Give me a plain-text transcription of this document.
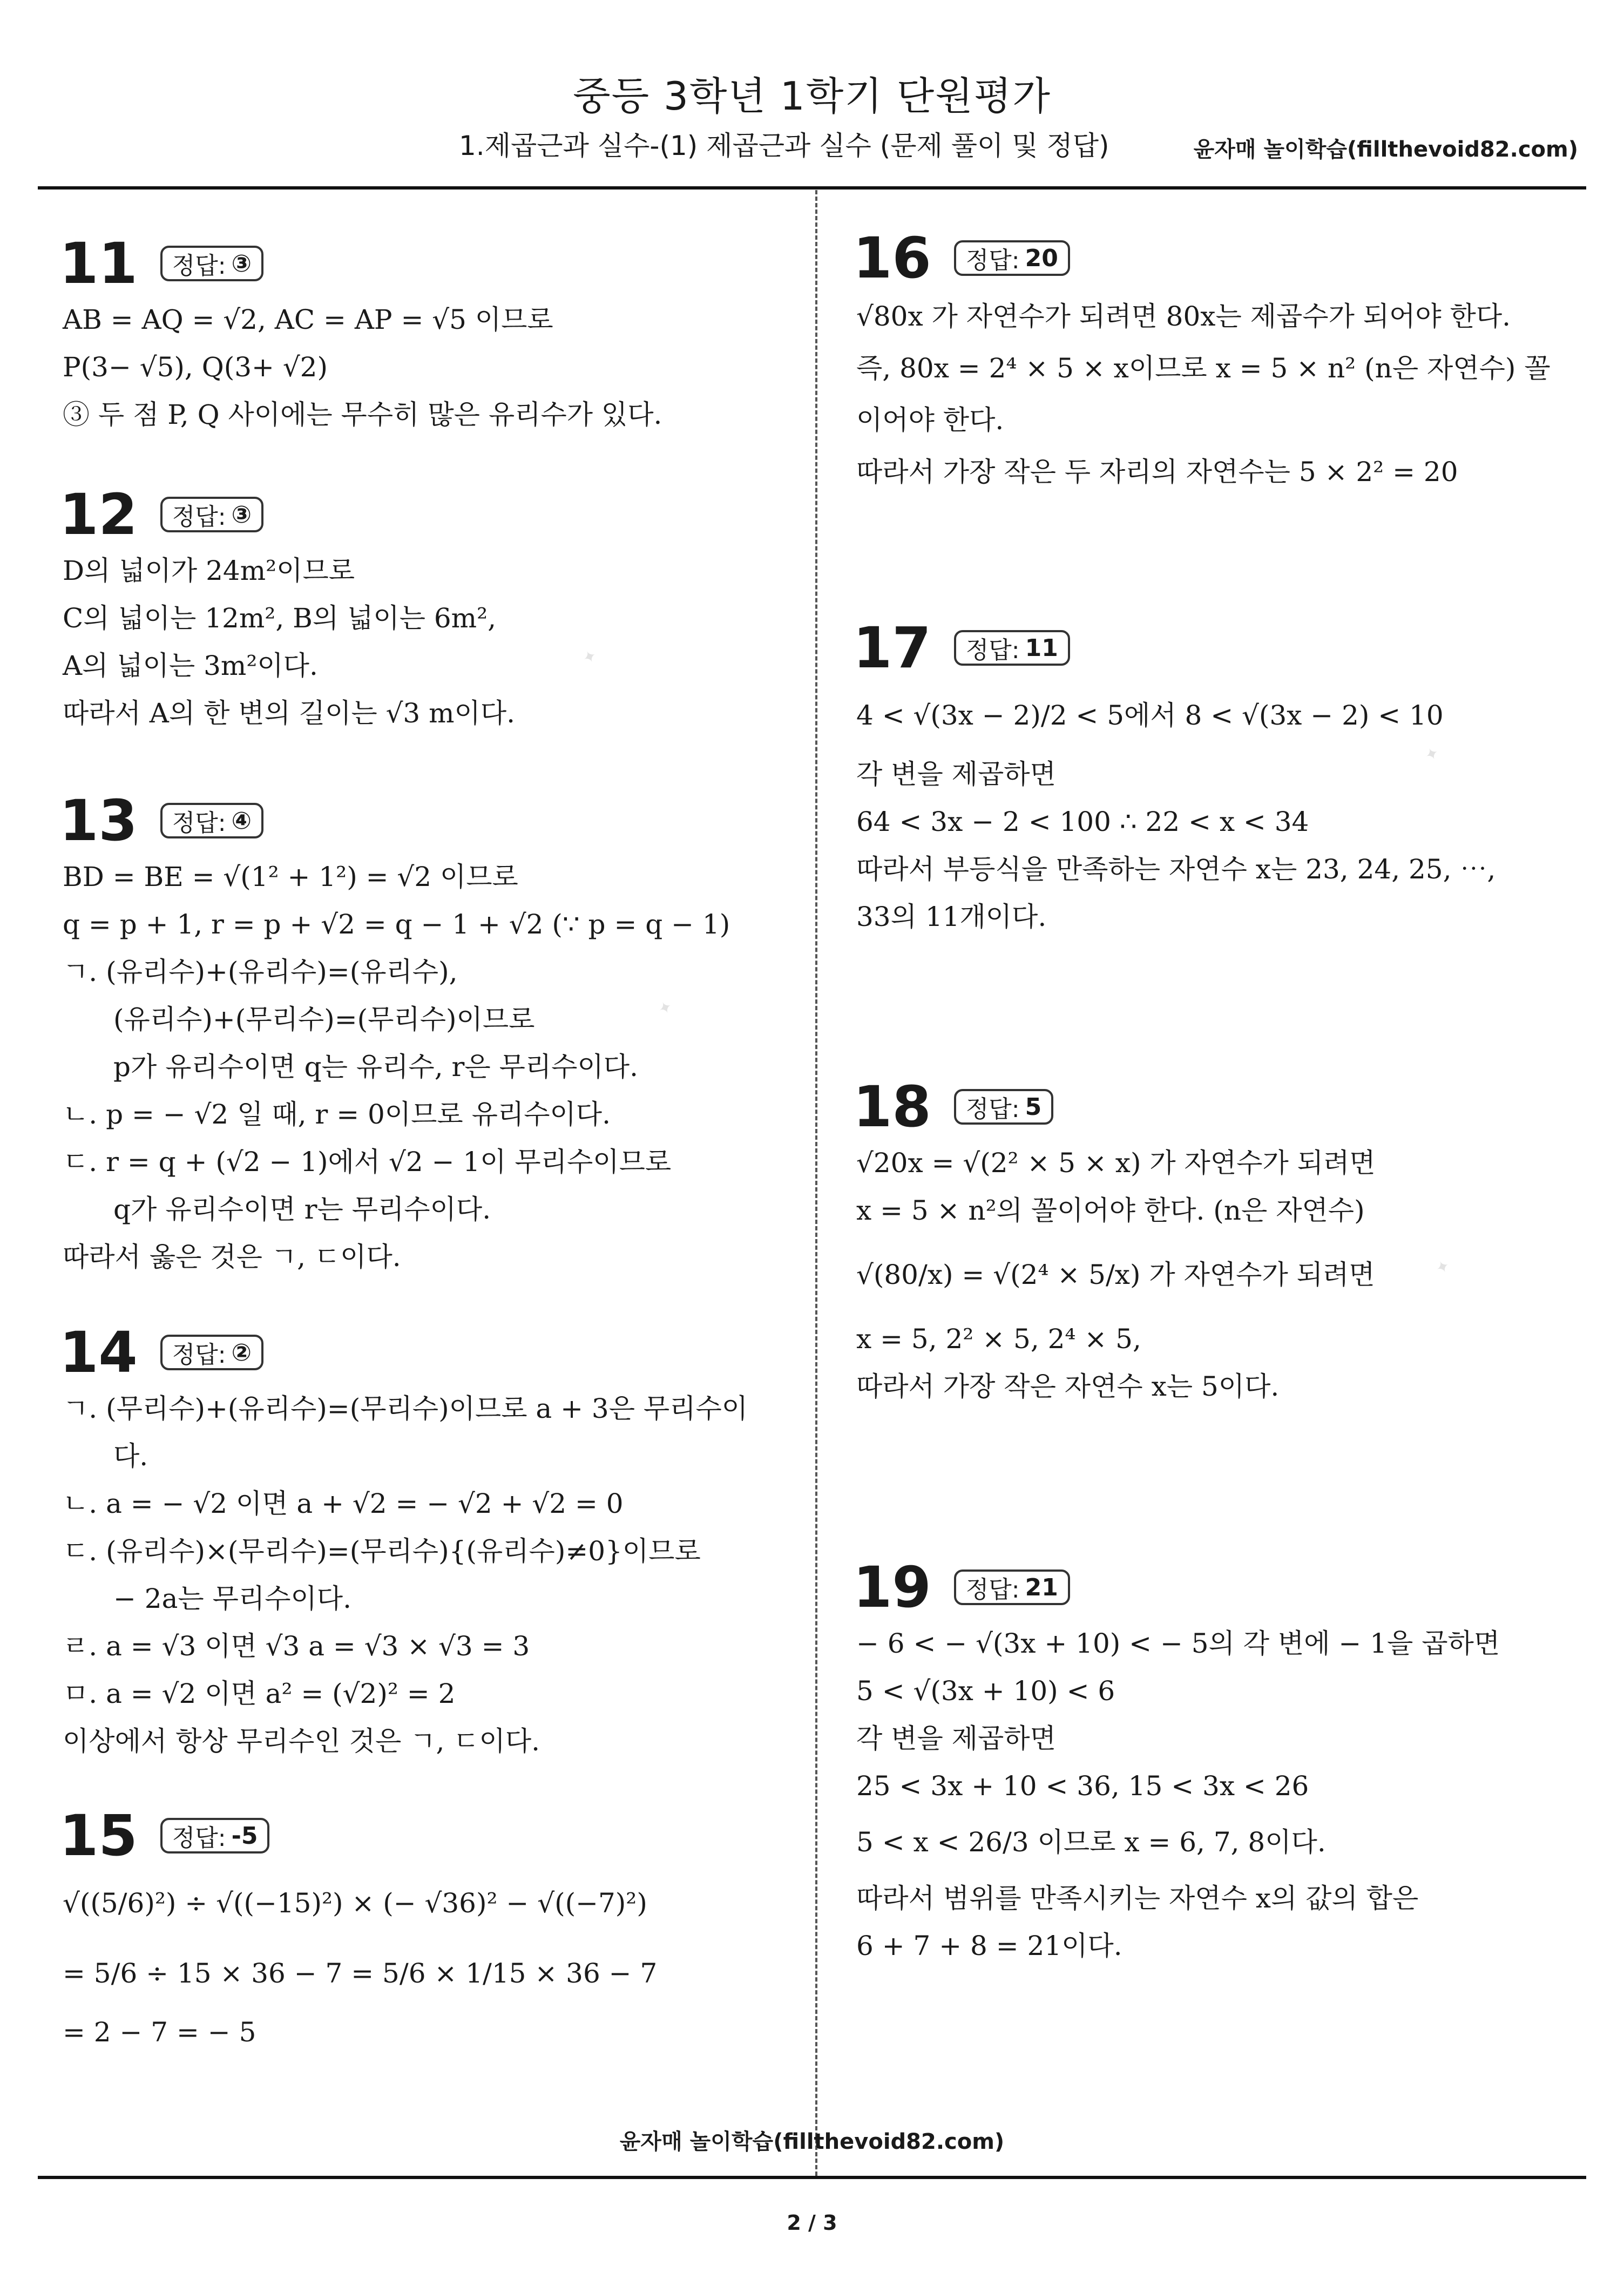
중등 3학년 1학기 단원평가
1.제곱근과 실수-(1) 제곱근과 실수 (문제 풀이 및 정답)	윤자매 놀이학습(fillthevoid82.com)
✦
✦
✦
✦
11 정답: ③
AB = AQ = √2, AC = AP = √5 이므로
P(3− √5), Q(3+ √2)
③ 두 점 P, Q 사이에는 무수히 많은 유리수가 있다.
12 정답: ③
D의 넓이가 24m²이므로
C의 넓이는 12m², B의 넓이는 6m²,
A의 넓이는 3m²이다.
따라서 A의 한 변의 길이는 √3 m이다.
13 정답: ④
BD = BE = √(1² + 1²) = √2 이므로
q = p + 1, r = p + √2 = q − 1 + √2 (∵ p = q − 1)
ㄱ. (유리수)+(유리수)=(유리수),
(유리수)+(무리수)=(무리수)이므로
p가 유리수이면 q는 유리수, r은 무리수이다.
ㄴ. p = − √2 일 때, r = 0이므로 유리수이다.
ㄷ. r = q + (√2 − 1)에서 √2 − 1이 무리수이므로
q가 유리수이면 r는 무리수이다.
따라서 옳은 것은 ㄱ, ㄷ이다.
14 정답: ②
ㄱ. (무리수)+(유리수)=(무리수)이므로 a + 3은 무리수이
다.
ㄴ. a = − √2 이면 a + √2 = − √2 + √2 = 0
ㄷ. (유리수)×(무리수)=(무리수){(유리수)≠0}이므로
− 2a는 무리수이다.
ㄹ. a = √3 이면 √3 a = √3 × √3 = 3
ㅁ. a = √2 이면 a² = (√2)² = 2
이상에서 항상 무리수인 것은 ㄱ, ㄷ이다.
15 정답: -5
√((5/6)²) ÷ √((−15)²) × (− √36)² − √((−7)²)
= 5/6 ÷ 15 × 36 − 7 = 5/6 × 1/15 × 36 − 7
= 2 − 7 = − 5
16 정답: 20
√80x 가 자연수가 되려면 80x는 제곱수가 되어야 한다.
즉, 80x = 2⁴ × 5 × x이므로 x = 5 × n² (n은 자연수) 꼴
이어야 한다.
따라서 가장 작은 두 자리의 자연수는 5 × 2² = 20
17 정답: 11
4 < √(3x − 2)/2 < 5에서 8 < √(3x − 2) < 10
각 변을 제곱하면
64 < 3x − 2 < 100 ∴ 22 < x < 34
따라서 부등식을 만족하는 자연수 x는 23, 24, 25, ⋯,
33의 11개이다.
18 정답: 5
√20x = √(2² × 5 × x) 가 자연수가 되려면
x = 5 × n²의 꼴이어야 한다. (n은 자연수)
√(80/x) = √(2⁴ × 5/x) 가 자연수가 되려면
x = 5, 2² × 5, 2⁴ × 5,
따라서 가장 작은 자연수 x는 5이다.
19 정답: 21
− 6 < − √(3x + 10) < − 5의 각 변에 − 1을 곱하면
5 < √(3x + 10) < 6
각 변을 제곱하면
25 < 3x + 10 < 36, 15 < 3x < 26
5 < x < 26/3 이므로 x = 6, 7, 8이다.
따라서 범위를 만족시키는 자연수 x의 값의 합은
6 + 7 + 8 = 21이다.
윤자매 놀이학습(fillthevoid82.com)
2 / 3
